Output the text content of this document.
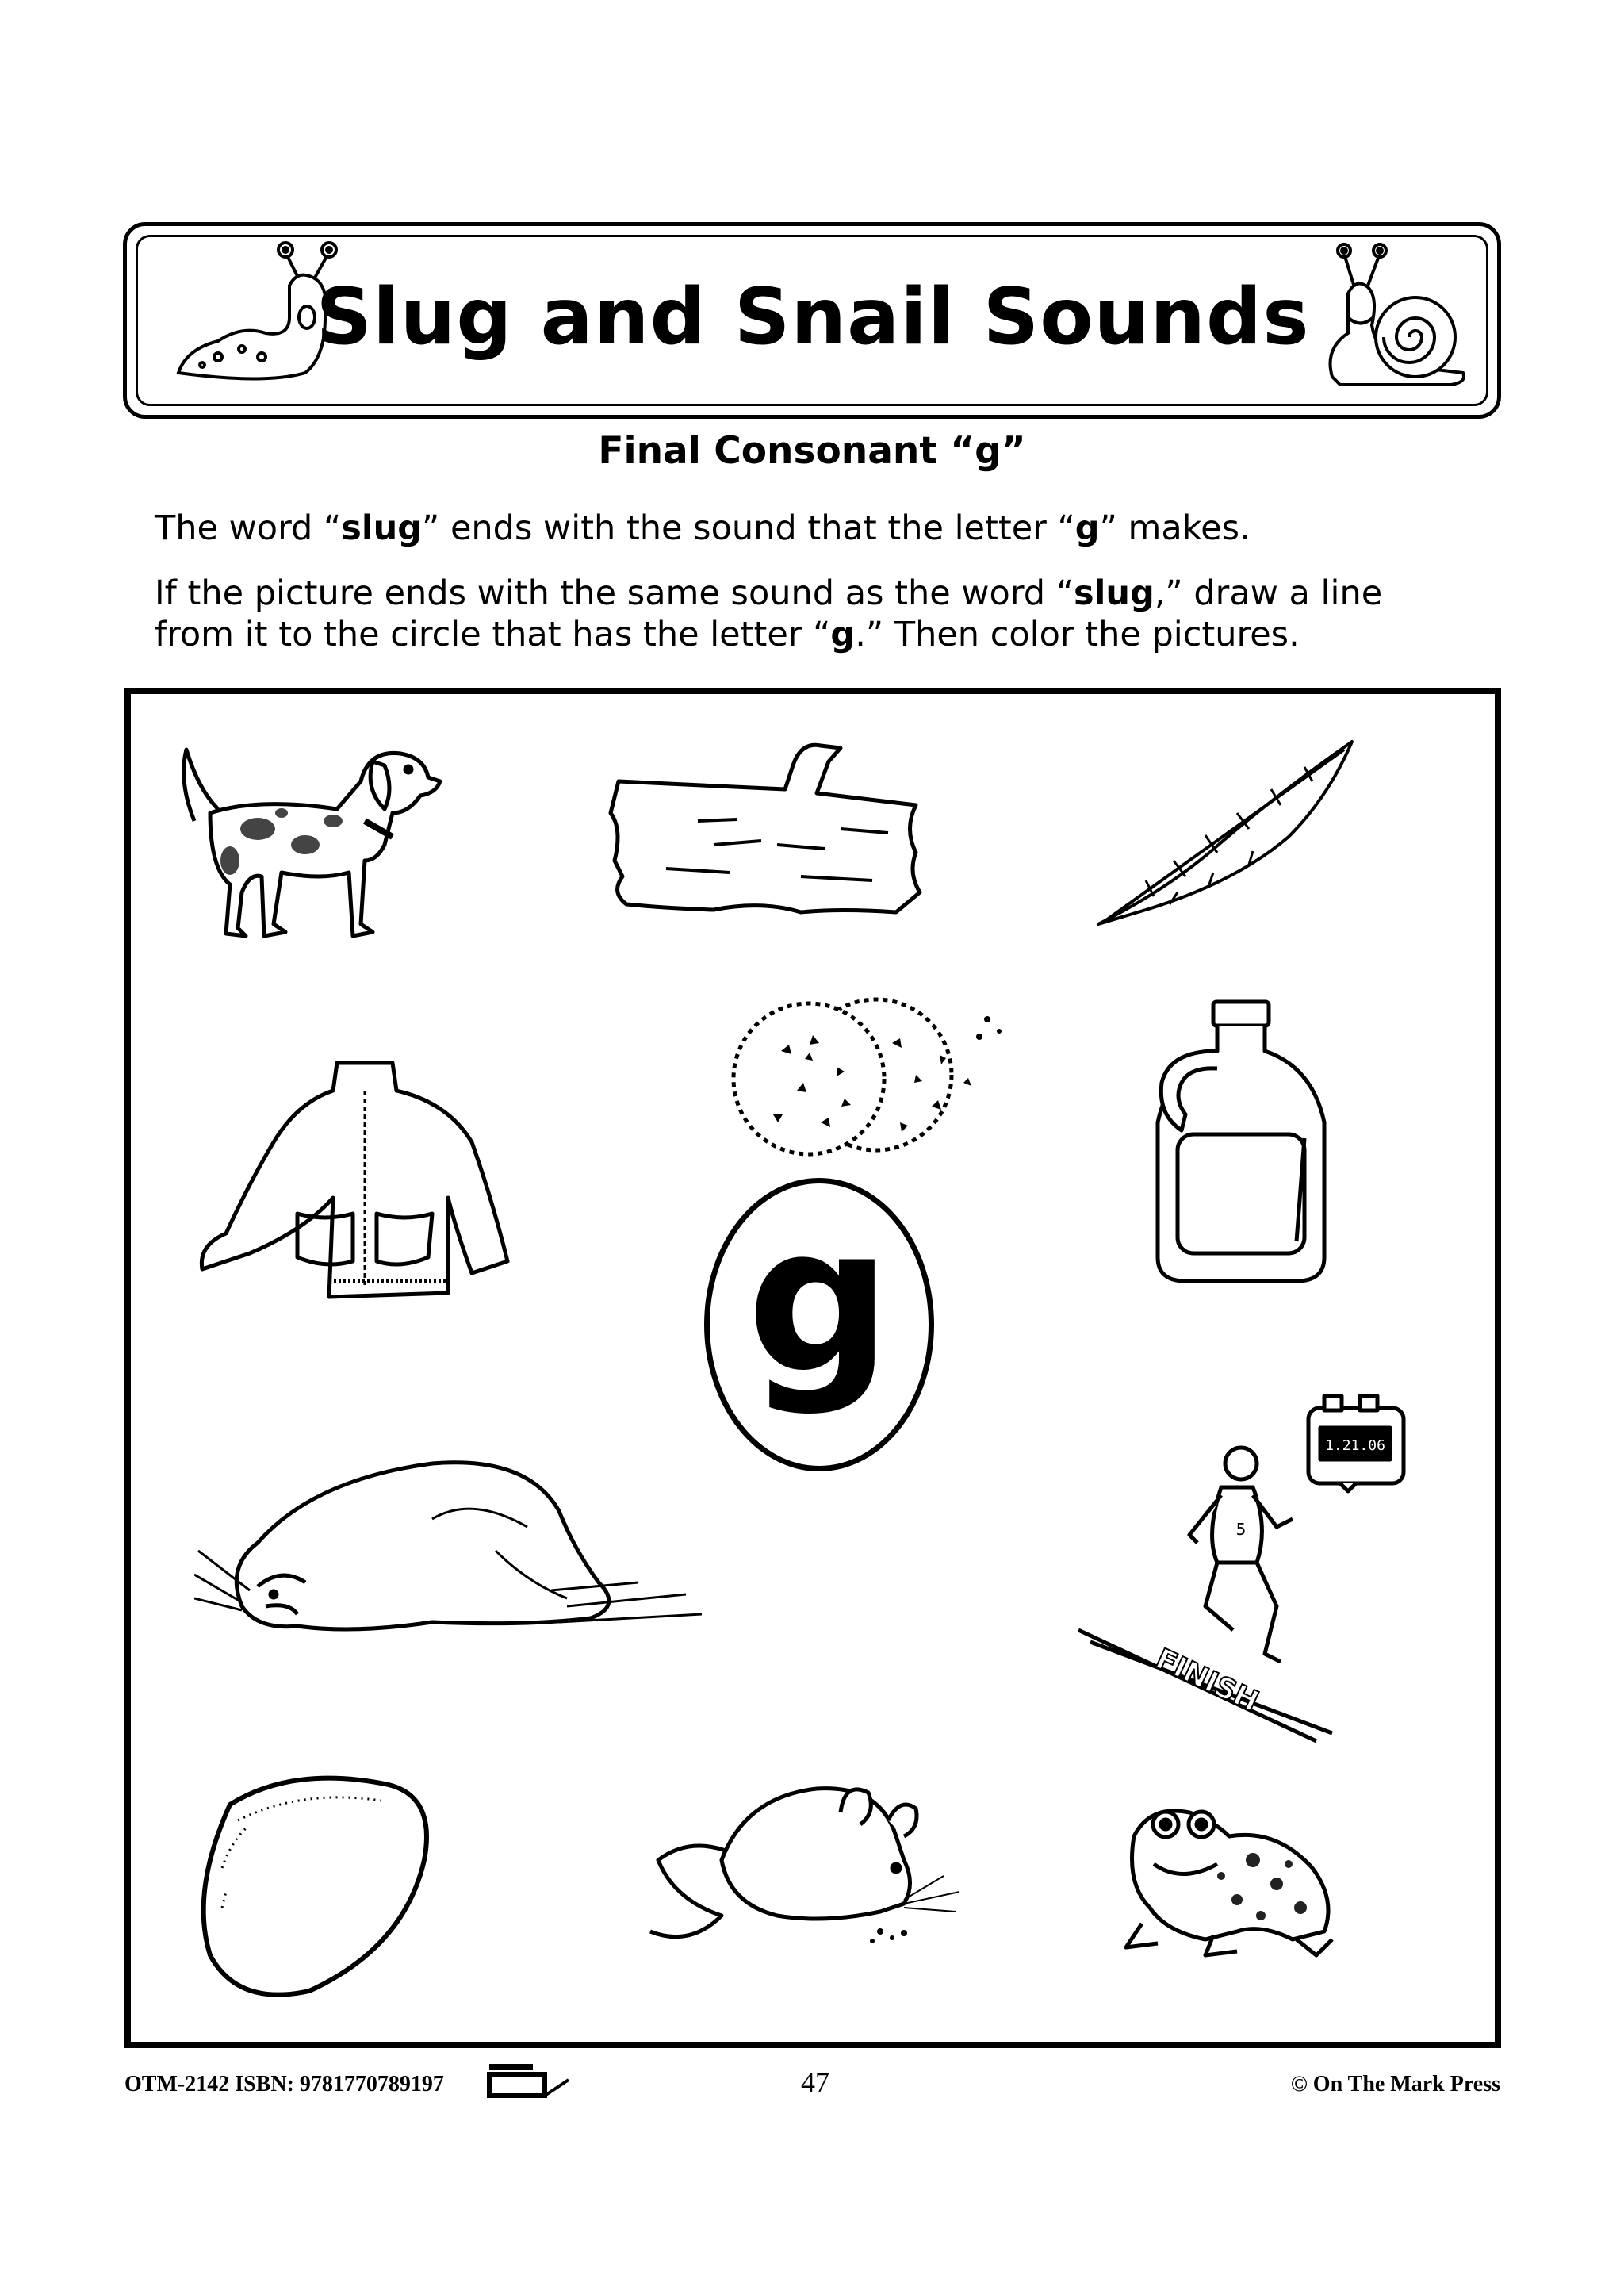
Slug and Snail Sounds
Final Consonant “g”
The word “slug” ends with the sound that the letter “g” makes.
If the picture ends with the same sound as the word “slug,” draw a line
from it to the circle that has the letter “g.” Then color the pictures.
g
1.21.06
5
FINISH
OTM-2142 ISBN: 9781770789197	47	© On The Mark Press
